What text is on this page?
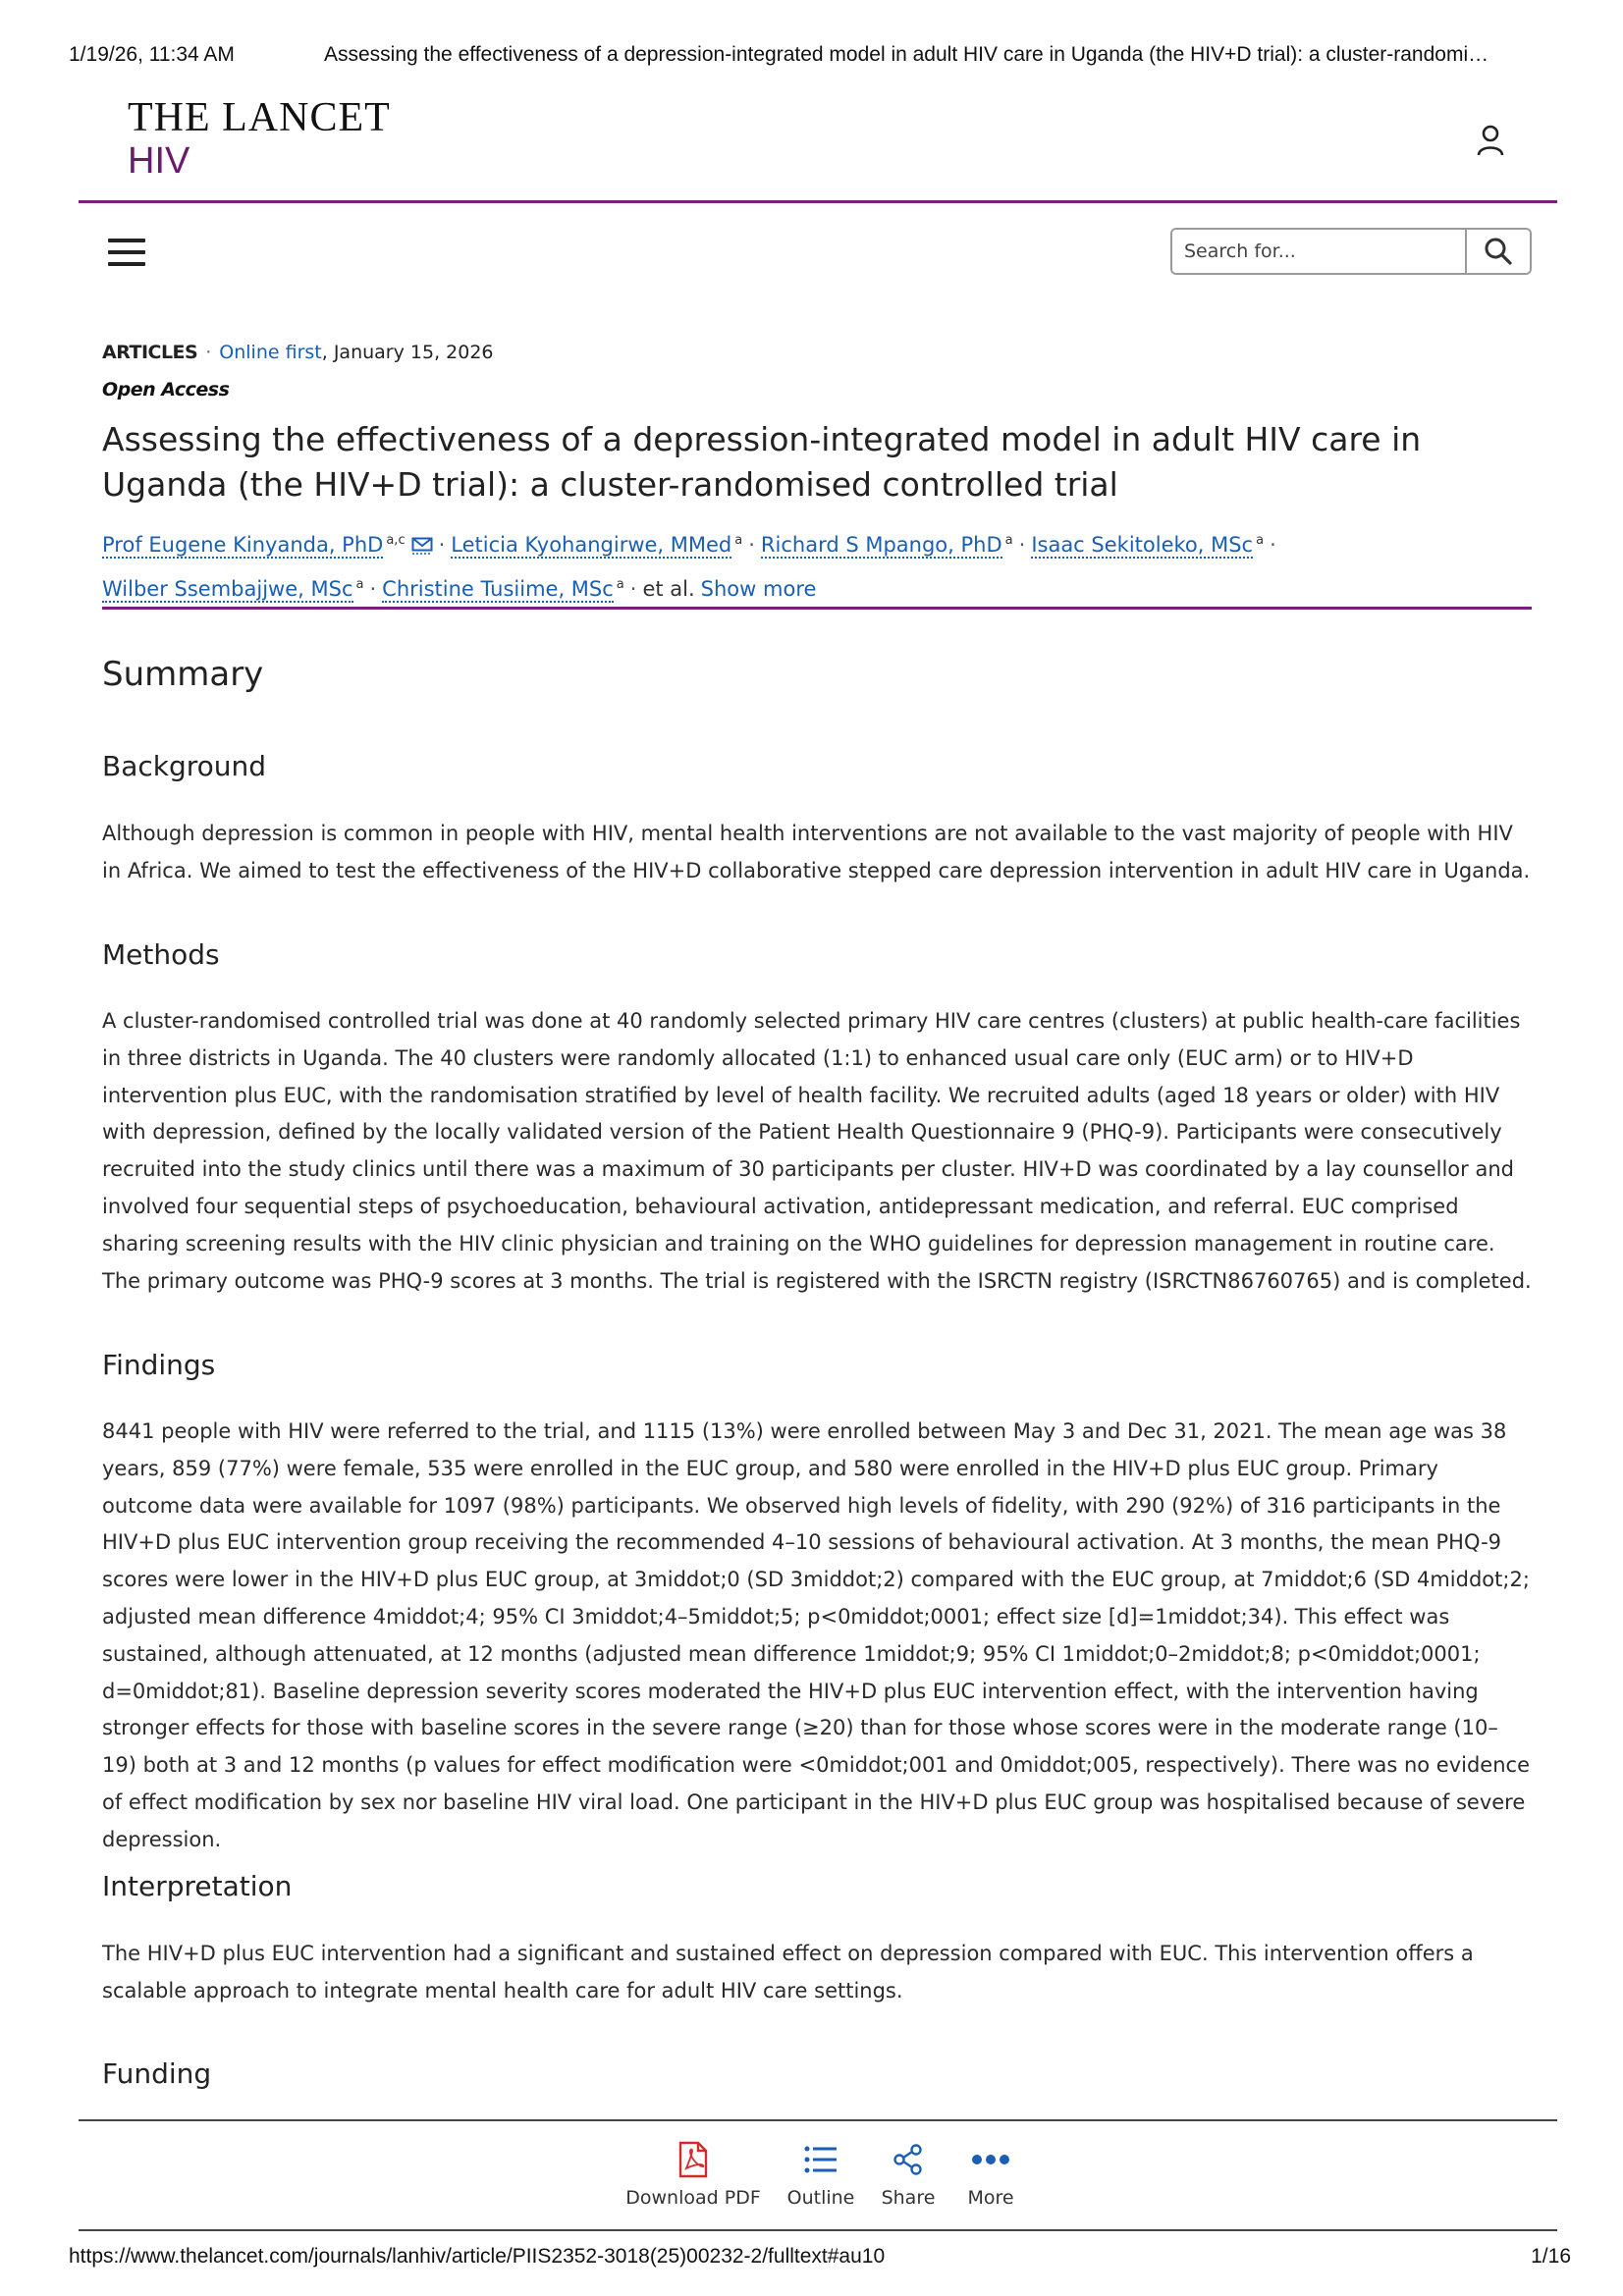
1/19/26, 11:34 AM	Assessing the effectiveness of a depression-integrated model in adult HIV care in Uganda (the HIV+D trial): a cluster-randomi…
THE LANCET
HIV
Search for...
ARTICLES · Online first, January 15, 2026
Open Access
Assessing the effectiveness of a depression-integrated model in adult HIV care in Uganda (the HIV+D trial): a cluster-randomised controlled trial
Prof Eugene Kinyanda, PhD $^{a,c}$ · Leticia Kyohangirwe, MMed $^a$ · Richard S Mpango, PhD $^a$ · Isaac Sekitoleko, MSc $^a$ ·
Wilber Ssembajjwe, MSc $^a$ · Christine Tusiime, MSc $^a$ · et al. Show more
Summary
Background

Although depression is common in people with HIV, mental health interventions are not available to the vast majority of people with HIV in Africa. We aimed to test the effectiveness of the HIV+D collaborative stepped care depression intervention in adult HIV care in Uganda.

Methods

A cluster-randomised controlled trial was done at 40 randomly selected primary HIV care centres (clusters) at public health-care facilities in three districts in Uganda. The 40 clusters were randomly allocated (1:1) to enhanced usual care only (EUC arm) or to HIV+D intervention plus EUC, with the randomisation stratified by level of health facility. We recruited adults (aged 18 years or older) with HIV with depression, defined by the locally validated version of the Patient Health Questionnaire 9 (PHQ-9). Participants were consecutively recruited into the study clinics until there was a maximum of 30 participants per cluster. HIV+D was coordinated by a lay counsellor and involved four sequential steps of psychoeducation, behavioural activation, antidepressant medication, and referral. EUC comprised sharing screening results with the HIV clinic physician and training on the WHO guidelines for depression management in routine care. The primary outcome was PHQ-9 scores at 3 months. The trial is registered with the ISRCTN registry (ISRCTN86760765) and is completed.

Findings

8441 people with HIV were referred to the trial, and 1115 (13%) were enrolled between May 3 and Dec 31, 2021. The mean age was 38 years, 859 (77%) were female, 535 were enrolled in the EUC group, and 580 were enrolled in the HIV+D plus EUC group. Primary outcome data were available for 1097 (98%) participants. We observed high levels of fidelity, with 290 (92%) of 316 participants in the HIV+D plus EUC intervention group receiving the recommended 4–10 sessions of behavioural activation. At 3 months, the mean PHQ-9 scores were lower in the HIV+D plus EUC group, at 3middot;0 (SD 3middot;2) compared with the EUC group, at 7middot;6 (SD 4middot;2; adjusted mean difference 4middot;4; 95% CI 3middot;4–5middot;5; p<0middot;0001; effect size [d]=1middot;34). This effect was sustained, although attenuated, at 12 months (adjusted mean difference 1middot;9; 95% CI 1middot;0–2middot;8; p<0middot;0001; d=0middot;81). Baseline depression severity scores moderated the HIV+D plus EUC intervention effect, with the intervention having stronger effects for those with baseline scores in the severe range (≥20) than for those whose scores were in the moderate range (10–19) both at 3 and 12 months (p values for effect modification were <0middot;001 and 0middot;005, respectively). There was no evidence of effect modification by sex nor baseline HIV viral load. One participant in the HIV+D plus EUC group was hospitalised because of severe depression.

Interpretation

The HIV+D plus EUC intervention had a significant and sustained effect on depression compared with EUC. This intervention offers a scalable approach to integrate mental health care for adult HIV care settings.

Funding
Download PDF Outline	Share	More
https://www.thelancet.com/journals/lanhiv/article/PIIS2352-3018(25)00232-2/fulltext#au10	1/16
